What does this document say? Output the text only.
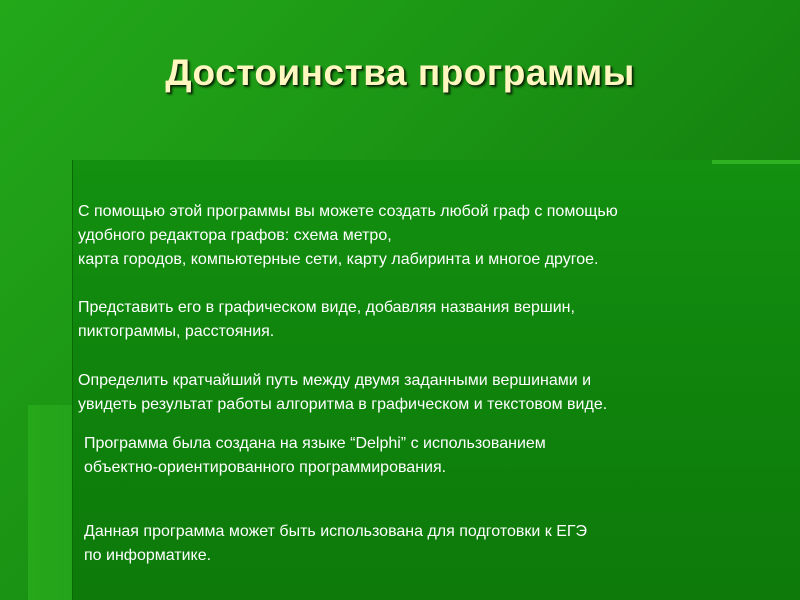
Достоинства программы

С помощью этой программы вы можете создать любой граф с помощью
удобного редактора графов: схема метро,
карта городов, компьютерные сети, карту лабиринта и многое другое.

Представить его в графическом виде, добавляя названия вершин,
пиктограммы, расстояния.

Определить кратчайший путь между двумя заданными вершинами и
увидеть результат работы алгоритма в графическом и текстовом виде.

Программа была создана на языке “Delphi” с использованием
объектно-ориентированного программирования.

Данная программа может быть использована для подготовки к ЕГЭ
по информатике.
